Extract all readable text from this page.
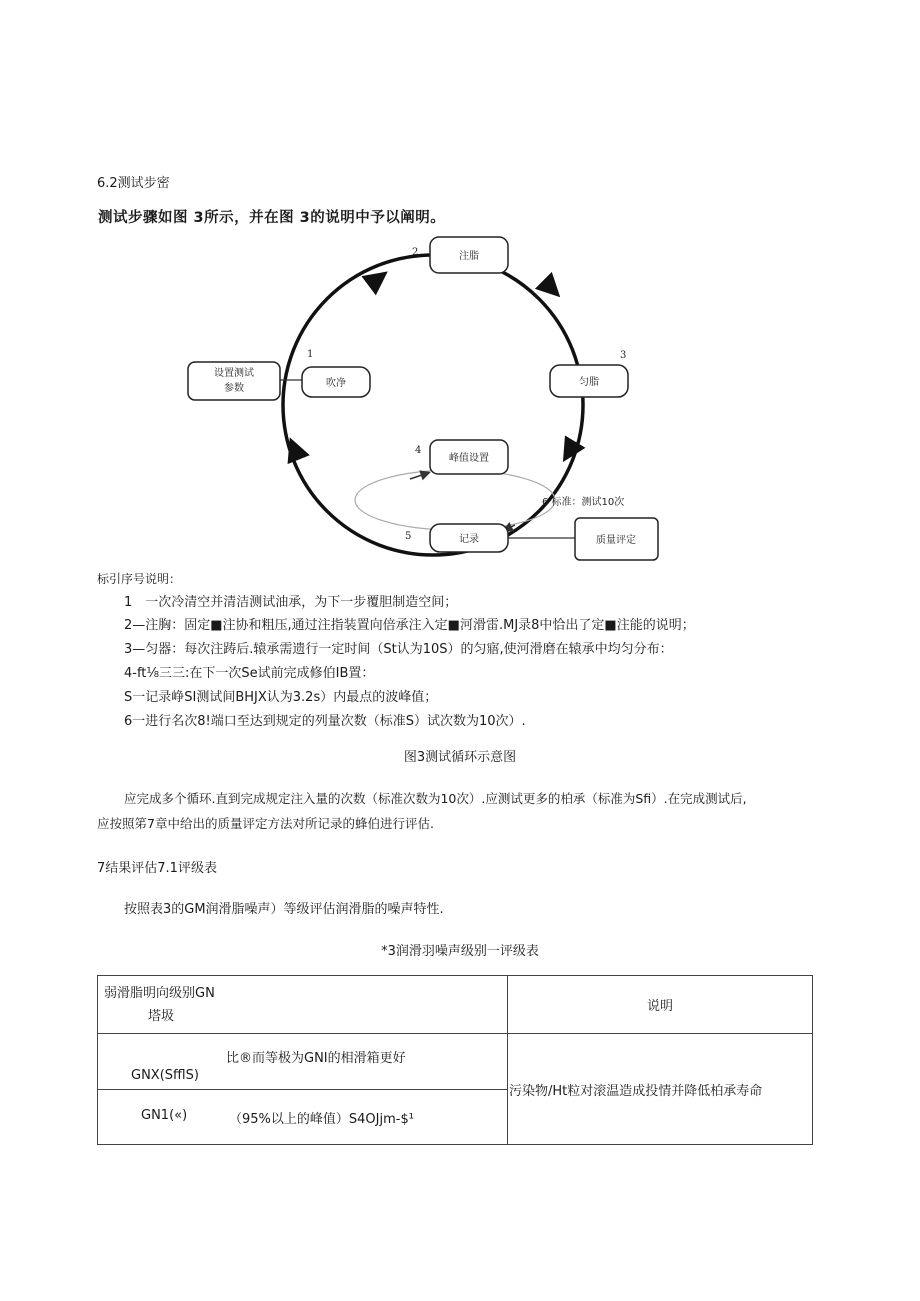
6.2测试步密
测试步骤如图 3所示，并在图 3的说明中予以阐明。
设置测试
参数	吹净
注脂
匀脂
峰值设置
记录	质量评定
1
2
3
4
5
6 标准：测试10次
标引序号说明：
1　一次冷清空并清洁测试油承，为下一步覆胆制造空间；
2—注胸：固定■注协和粗压,通过注指装置向倍承注入定■河滑雷.MJ录8中恰出了定■注能的说明；
3—匀器：每次注踌后.辕承需遗行一定时间（St认为10S）的匀寤,使河滑磨在辕承中均匀分布：
4-ft⅛三三:在下一次Se试前完成修伯IB置：
S一记录峥SI测试间BHJX认为3.2s）内最点的波峰值；
6一进行名次8!端口至达到规定的列量次数（标准S）试次数为10次）.
图3测试循环示意图
应完成多个循环.直到完成规定注入量的次数（标准次数为10次）.应测试更多的柏承（标准为Sfi）.在完成测试后,
应按照笫7章中给出的质量评定方法对所记录的蜂伯进行评估.
7结果评估7.1评级表
按照表3的GM润滑脂噪声）等级评估润滑脂的噪声特性.
*3润滑羽噪声级别一评级表
弱滑脂明向级别GN
塔圾	说明

比®而等极为GNI的相滑箱更好
GNX(SfflS)	污染物/Ht粒对滚温造成投情并降低柏承寿命

GN1(«) （95%以上的峰值）S4OJjm-$¹	
